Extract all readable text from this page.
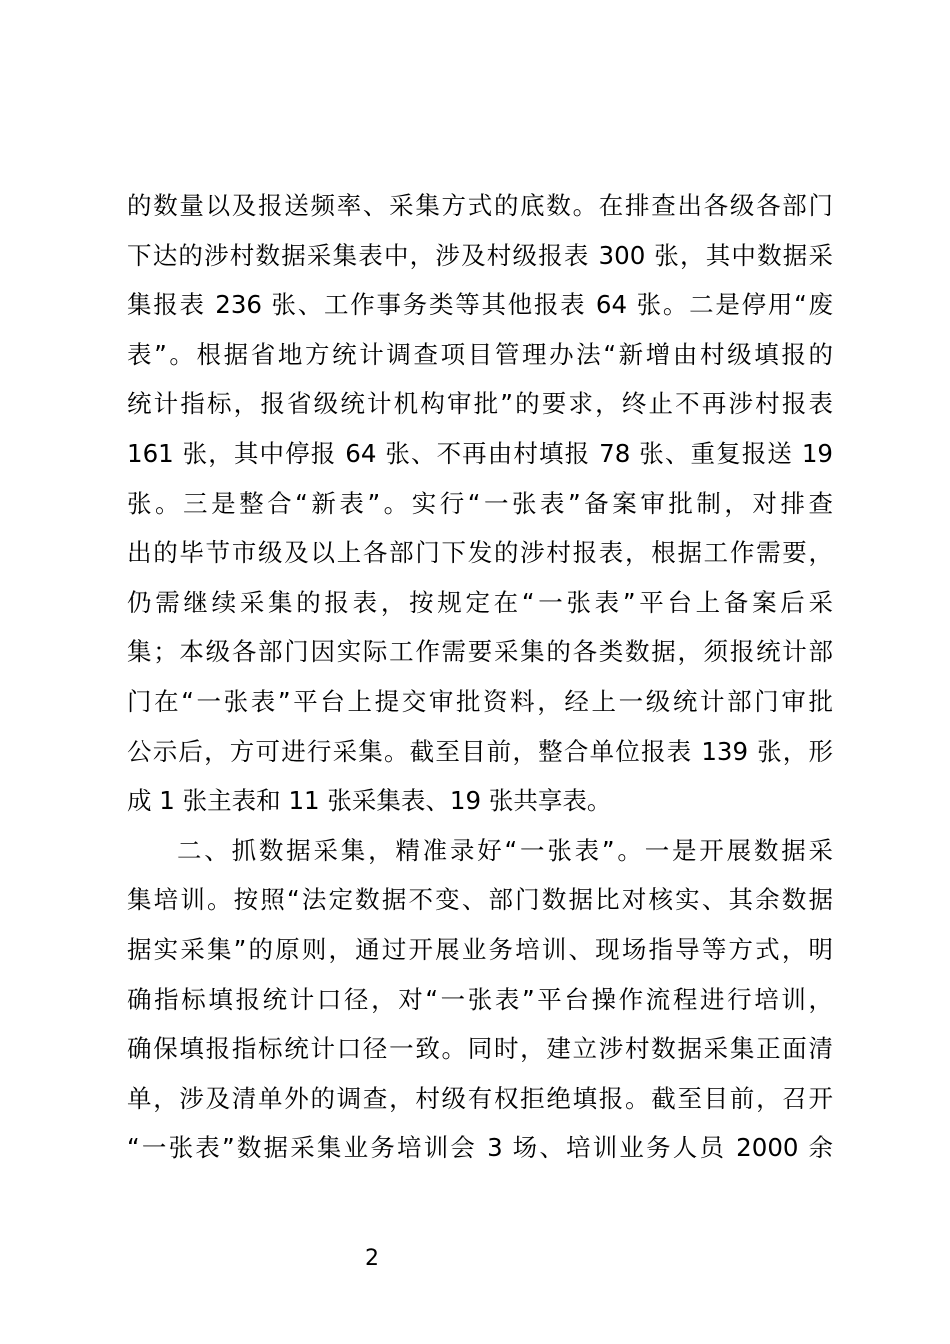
的数量以及报送频率、采集方式的底数。在排查出各级各部门
下达的涉村数据采集表中，涉及村级报表 300 张，其中数据采
集报表 236 张、工作事务类等其他报表 64 张。二是停用“废
表”。根据省地方统计调查项目管理办法“新增由村级填报的
统计指标，报省级统计机构审批”的要求，终止不再涉村报表
161 张，其中停报 64 张、不再由村填报 78 张、重复报送 19
张。三是整合“新表”。实行“一张表”备案审批制，对排查
出的毕节市级及以上各部门下发的涉村报表，根据工作需要，
仍需继续采集的报表，按规定在“一张表”平台上备案后采
集；本级各部门因实际工作需要采集的各类数据，须报统计部
门在“一张表”平台上提交审批资料，经上一级统计部门审批
公示后，方可进行采集。截至目前，整合单位报表 139 张，形
成 1 张主表和 11 张采集表、19 张共享表。
二、抓数据采集，精准录好“一张表”。一是开展数据采
集培训。按照“法定数据不变、部门数据比对核实、其余数据
据实采集”的原则，通过开展业务培训、现场指导等方式，明
确指标填报统计口径，对“一张表”平台操作流程进行培训，
确保填报指标统计口径一致。同时，建立涉村数据采集正面清
单，涉及清单外的调查，村级有权拒绝填报。截至目前，召开
“一张表”数据采集业务培训会 3 场、培训业务人员 2000 余
2
